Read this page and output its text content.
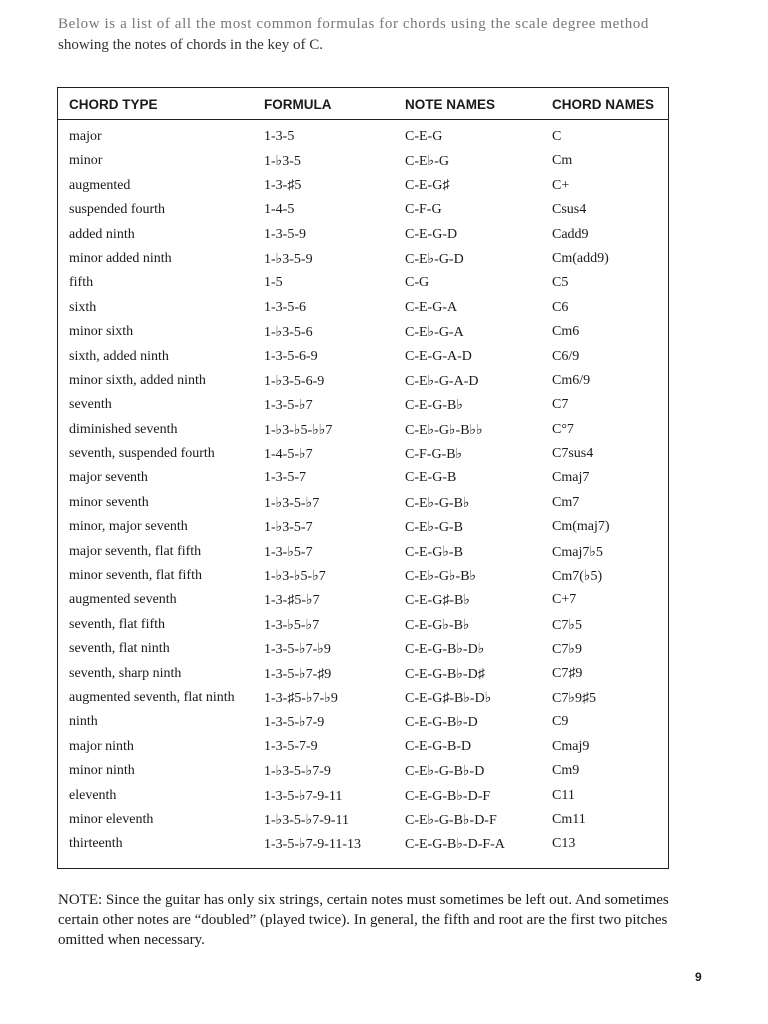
Below is a list of all the most common formulas for chords using the scale degree method
showing the notes of chords in the key of C.
CHORD TYPE	FORMULA	NOTE NAMES	CHORD NAMES
major	1-3-5	C-E-G	C
minor	1-♭3-5	C-E♭-G	Cm
augmented	1-3-♯5	C-E-G♯	C+
suspended fourth	1-4-5	C-F-G	Csus4
added ninth	1-3-5-9	C-E-G-D	Cadd9
minor added ninth	1-♭3-5-9	C-E♭-G-D	Cm(add9)
fifth	1-5	C-G	C5
sixth	1-3-5-6	C-E-G-A	C6
minor sixth	1-♭3-5-6	C-E♭-G-A	Cm6
sixth, added ninth	1-3-5-6-9	C-E-G-A-D	C6/9
minor sixth, added ninth	1-♭3-5-6-9	C-E♭-G-A-D	Cm6/9
seventh	1-3-5-♭7	C-E-G-B♭	C7
diminished seventh	1-♭3-♭5-♭♭7	C-E♭-G♭-B♭♭	C°7
seventh, suspended fourth	1-4-5-♭7	C-F-G-B♭	C7sus4
major seventh	1-3-5-7	C-E-G-B	Cmaj7
minor seventh	1-♭3-5-♭7	C-E♭-G-B♭	Cm7
minor, major seventh	1-♭3-5-7	C-E♭-G-B	Cm(maj7)
major seventh, flat fifth	1-3-♭5-7	C-E-G♭-B	Cmaj7♭5
minor seventh, flat fifth	1-♭3-♭5-♭7	C-E♭-G♭-B♭	Cm7(♭5)
augmented seventh	1-3-♯5-♭7	C-E-G♯-B♭	C+7
seventh, flat fifth	1-3-♭5-♭7	C-E-G♭-B♭	C7♭5
seventh, flat ninth	1-3-5-♭7-♭9	C-E-G-B♭-D♭	C7♭9
seventh, sharp ninth	1-3-5-♭7-♯9	C-E-G-B♭-D♯	C7♯9
augmented seventh, flat ninth 1-3-♯5-♭7-♭9	C-E-G♯-B♭-D♭	C7♭9♯5
ninth	1-3-5-♭7-9	C-E-G-B♭-D	C9
major ninth	1-3-5-7-9	C-E-G-B-D	Cmaj9
minor ninth	1-♭3-5-♭7-9	C-E♭-G-B♭-D	Cm9
eleventh	1-3-5-♭7-9-11	C-E-G-B♭-D-F	C11
minor eleventh	1-♭3-5-♭7-9-11	C-E♭-G-B♭-D-F	Cm11
thirteenth	1-3-5-♭7-9-11-13	C-E-G-B♭-D-F-A	C13
NOTE: Since the guitar has only six strings, certain notes must sometimes be left out. And sometimes certain other notes are “doubled” (played twice). In general, the fifth and root are the first two pitches omitted when necessary.
9
